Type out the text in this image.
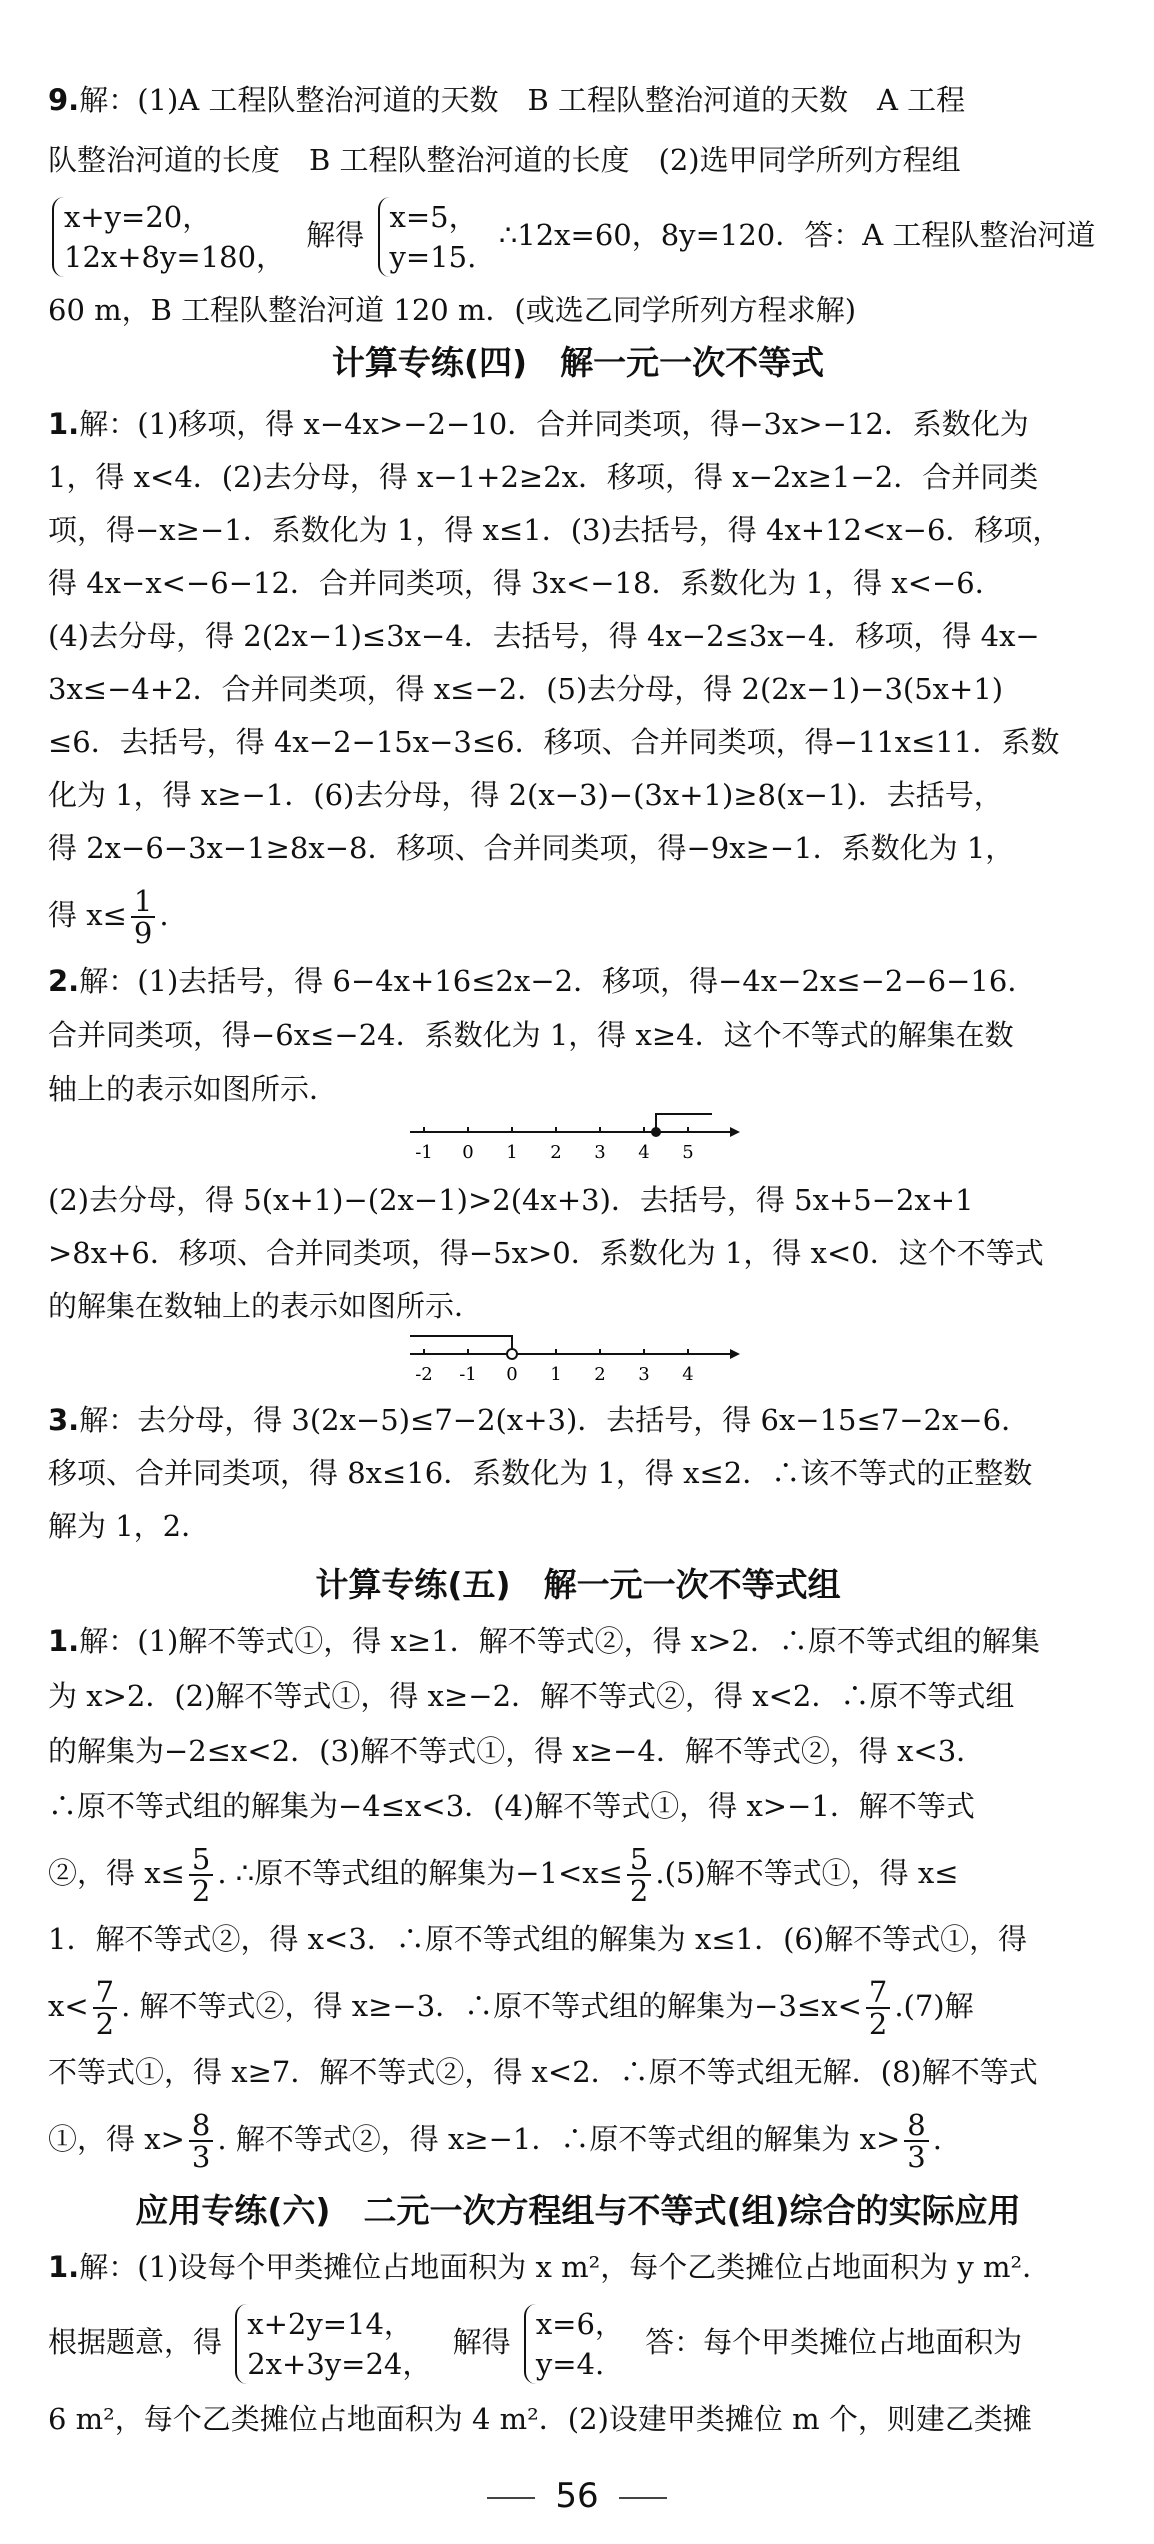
9.解：(1)A 工程队整治河道的天数　B 工程队整治河道的天数　A 工程

队整治河道的长度　B 工程队整治河道的长度　(2)选甲同学所列方程组

x+y=20，
12x+8y=180，
解得
x=5，
y=15.
∴12x=60，8y=120．答：A 工程队整治河道

60 m，B 工程队整治河道 120 m．(或选乙同学所列方程求解)

计算专练(四)　解一元一次不等式

1.解：(1)移项，得 x−4x>−2−10．合并同类项，得−3x>−12．系数化为

1，得 x<4．(2)去分母，得 x−1+2≥2x．移项，得 x−2x≥1−2．合并同类

项，得−x≥−1．系数化为 1，得 x≤1．(3)去括号，得 4x+12<x−6．移项，

得 4x−x<−6−12．合并同类项，得 3x<−18．系数化为 1，得 x<−6．

(4)去分母，得 2(2x−1)≤3x−4．去括号，得 4x−2≤3x−4．移项，得 4x−

3x≤−4+2．合并同类项，得 x≤−2．(5)去分母，得 2(2x−1)−3(5x+1)

≤6．去括号，得 4x−2−15x−3≤6．移项、合并同类项，得−11x≤11．系数

化为 1，得 x≥−1．(6)去分母，得 2(x−3)−(3x+1)≥8(x−1)．去括号，

得 2x−6−3x−1≥8x−8．移项、合并同类项，得−9x≥−1．系数化为 1，

得 $x\le \frac{1}{9}$ .

2.解：(1)去括号，得 6−4x+16≤2x−2．移项，得−4x−2x≤−2−6−16．

合并同类项，得−6x≤−24．系数化为 1，得 x≥4．这个不等式的解集在数

轴上的表示如图所示．

-1 0 1 2 3 4 5

(2)去分母，得 5(x+1)−(2x−1)>2(4x+3)．去括号，得 5x+5−2x+1

>8x+6．移项、合并同类项，得−5x>0．系数化为 1，得 x<0．这个不等式

的解集在数轴上的表示如图所示．

-2 -1 0 1 2 3 4

3.解：去分母，得 3(2x−5)≤7−2(x+3)．去括号，得 6x−15≤7−2x−6．

移项、合并同类项，得 8x≤16．系数化为 1，得 x≤2．∴该不等式的正整数

解为 1，2．

计算专练(五)　解一元一次不等式组

1.解：(1)解不等式①，得 x≥1．解不等式②，得 x>2．∴原不等式组的解集

为 x>2．(2)解不等式①，得 x≥−2．解不等式②，得 x<2．∴原不等式组

的解集为−2≤x<2．(3)解不等式①，得 x≥−4．解不等式②，得 x<3．

∴原不等式组的解集为−4≤x<3．(4)解不等式①，得 x>−1．解不等式

②，得 $x\le \frac{5}{2}$ . ∴原不等式组的解集为$-1<x\le \frac{5}{2} .(5)$解不等式①，得 x≤

1．解不等式②，得 x<3．∴原不等式组的解集为 x≤1．(6)解不等式①，得

$x< \frac{7}{2}$ . 解不等式②，得 x≥−3．∴原不等式组的解集为$-3\le x< \frac{7}{2} .(7)$解

不等式①，得 x≥7．解不等式②，得 x<2．∴原不等式组无解．(8)解不等式

①，得 $x> \frac{8}{3}$ . 解不等式②，得 x≥−1．∴原不等式组的解集为 $x> \frac{8}{3}$ .

应用专练(六)　二元一次方程组与不等式(组)综合的实际应用

1.解：(1)设每个甲类摊位占地面积为 x m²，每个乙类摊位占地面积为 y m²．

根据题意，得
x+2y=14，
2x+3y=24，
解得
x=6，
y=4.
答：每个甲类摊位占地面积为

6 m²，每个乙类摊位占地面积为 4 m²．(2)设建甲类摊位 m 个，则建乙类摊

56
